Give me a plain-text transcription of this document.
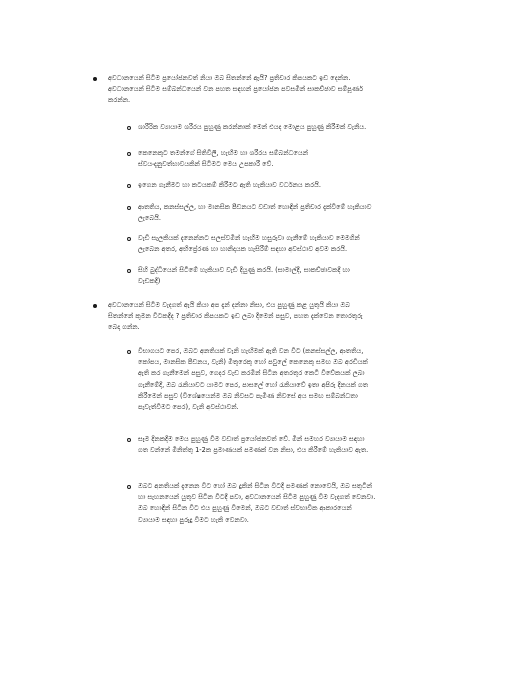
අවධානයෙන් සිටීම ප්‍රයෝජනවත් නියා ඔබ සිතන්නේ ඇයි? ප්‍රතිචාර කිපයකට ඉඩ දෙන්න.
අවධානයෙන් සිටීම සම්බන්ධයෙන් වන පහත සඳහන් ප්‍රයෝජන පවසමින් සාකච්ඡාව සම්පූර්ණ
කරන්න.
ශාරීරික ව්‍යායාම ශරීරය පුහුණු කරන්නාක් මෙන් එයද මොළය පුහුණු කිරීමක් වැනිය.
කෙනෙකුට තමන්ගේ සිතිවිලි, හැඟීම හා ශරීරය සම්බන්ධයෙන්
ස්වයංදැනුවත්භාවයකින් සිටීමට මෙය උපකාරී වේ.
ඉගෙන ගැනීමට හා කටයකම් කිරීමට ඇති හැකියාව වර්ධනය කරයි.
ආතතිය, කනස්සල්ල, හා මානසික පීඩනයට වඩාත් හොඳින් ප්‍රතිචාර දැක්වීමේ හැකියාව
ලැබෙයි.
වැඩි සැලකියක් දැනෙන්නට සලස්වමින් හැඟීම හසුරුවා ගැනීමේ හැකියාව මෙමගින්
ලැබෙන අතර, අභිප්‍රේරණ හා හානිදායක හැසිරීම් සඳහා අවස්ථාව අවම කරයි.
සිහි බුද්ධියෙන් සිටීමේ හැකියාව වැඩි දියුණු කරයි. (සාමාල්දී, සාකච්ඡාවකදී හා
වැඩකදී)
අවධානයෙන් සිටීම වැදගත් ඇයි කියා අප දැන් දන්නා නිසා, එය පුහුණු කළ යුතුයි කියා ඔබ
සිතන්නේ කුමන විටකදීද ? ප්‍රතිචාර කිපයකට ඉඩ ලබා දීමෙන් පසුව, පහත දැක්වෙන තොරතුරු
බෙදා ගන්න.
විභාගයට පෙර, ඔබට අනතියක් වැනි හැඟීමක් ඇති වන විට (කනස්සල්ල, ආතතිය,
කෝපය, මානසික පීඩනය, වැනි) මිතුරෙකු හෝ පවුලේ කෙනෙකු සමඟ ඔබ අරඩියක්
ඇති කර ගැනීමෙන් පසුව, ගෙදර වැඩ කරමින් සිටින අතරතුර කෙටි විවේකයක් ලබා
ගැනීමේදී, ඔබ රැකියාවට යාමට පෙර, පාසලේ හෝ රැකියාවේ ඉතා අපිරු දිනයක් ගත
කිරීමෙන් පසුව (විශේෂයෙන්ම ඔබ නිවසට පැමිණ නිවසේ අය සමඟ සම්බන්ධතා
පැවැත්වීමට පෙර), වැනි අවස්ථාවන්.
සෑම දිනකදීම මෙය පුහුණු වීම වඩාත් ප්‍රයෝජනවත් වේ. මින් සමහර ව්‍යායාම සඳහා
ගත වන්නේ මිනිත්තු 1-2ක ප්‍රමාණයක් පමණක් වන නිසා, එය කිරීමේ හැකියාව ඇත.
ඔබට අනතියක් දැනෙන විට හෝ ඔබ දුකින් සිටින විටදී පමණක් නොවෙයි, ඔබ සතුටින්
හා සැහනයෙන් යුතුව සිටින විටදී පවා, අවධානයෙන් සිටීම පුහුණු වීම වැදගත් වෙනවා.
ඔබ හොඳින් සිටින විට එය පුහුණු වීමෙන්, ඔබට වඩාත් ස්වභාවික ආකාරයෙන්
ව්‍යායාම සඳහා පුරුදු වීමට හැකි වෙනවා.
